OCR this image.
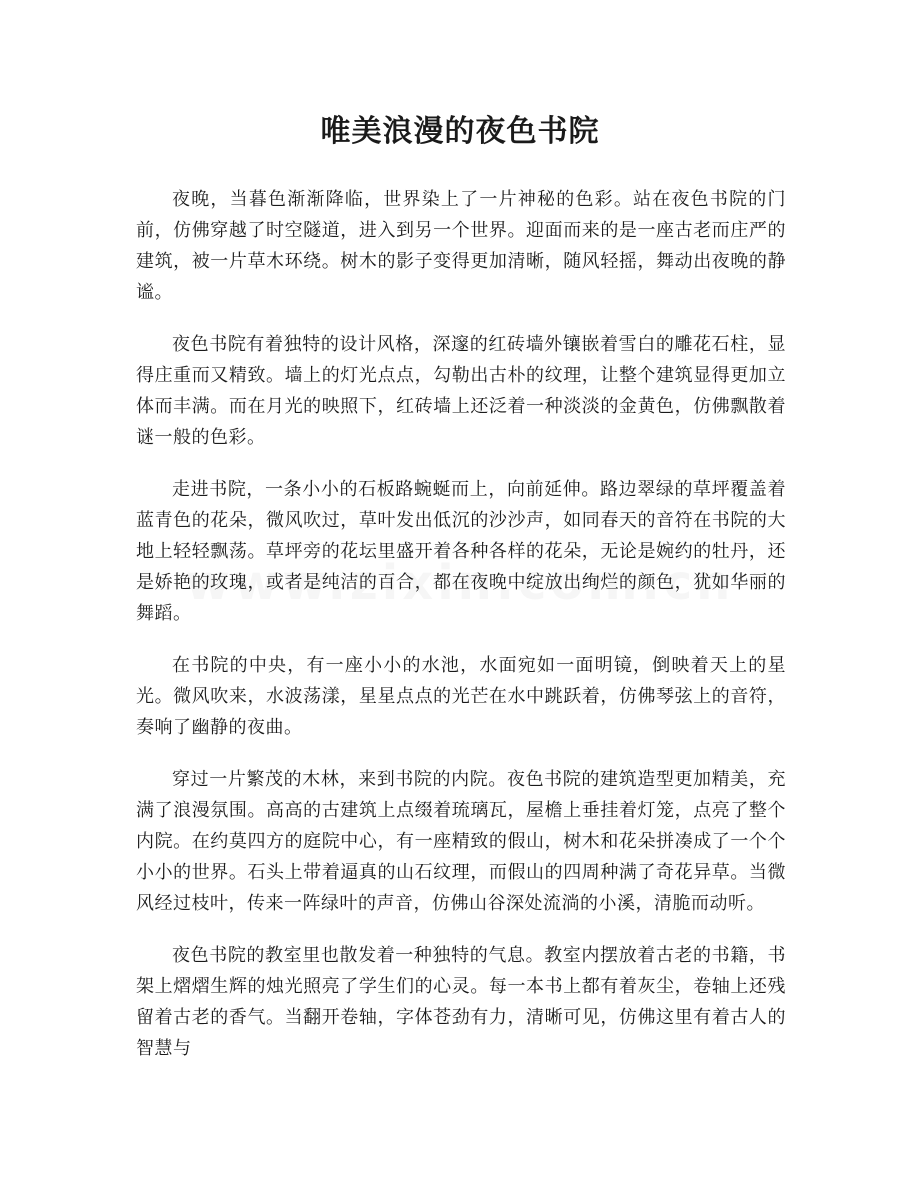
唯美浪漫的夜色书院

夜晚，当暮色渐渐降临，世界染上了一片神秘的色彩。站在夜色书院的门前，仿佛穿越了时空隧道，进入到另一个世界。迎面而来的是一座古老而庄严的建筑，被一片草木环绕。树木的影子变得更加清晰，随风轻摇，舞动出夜晚的静谧。

夜色书院有着独特的设计风格，深邃的红砖墙外镶嵌着雪白的雕花石柱，显得庄重而又精致。墙上的灯光点点，勾勒出古朴的纹理，让整个建筑显得更加立体而丰满。而在月光的映照下，红砖墙上还泛着一种淡淡的金黄色，仿佛飘散着谜一般的色彩。

走进书院，一条小小的石板路蜿蜒而上，向前延伸。路边翠绿的草坪覆盖着蓝青色的花朵，微风吹过，草叶发出低沉的沙沙声，如同春天的音符在书院的大地上轻轻飘荡。草坪旁的花坛里盛开着各种各样的花朵，无论是婉约的牡丹，还是娇艳的玫瑰，或者是纯洁的百合，都在夜晚中绽放出绚烂的颜色，犹如华丽的舞蹈。

在书院的中央，有一座小小的水池，水面宛如一面明镜，倒映着天上的星光。微风吹来，水波荡漾，星星点点的光芒在水中跳跃着，仿佛琴弦上的音符，奏响了幽静的夜曲。

穿过一片繁茂的木林，来到书院的内院。夜色书院的建筑造型更加精美，充满了浪漫氛围。高高的古建筑上点缀着琉璃瓦，屋檐上垂挂着灯笼，点亮了整个内院。在约莫四方的庭院中心，有一座精致的假山，树木和花朵拼凑成了一个个小小的世界。石头上带着逼真的山石纹理，而假山的四周种满了奇花异草。当微风经过枝叶，传来一阵绿叶的声音，仿佛山谷深处流淌的小溪，清脆而动听。

夜色书院的教室里也散发着一种独特的气息。教室内摆放着古老的书籍，书架上熠熠生辉的烛光照亮了学生们的心灵。每一本书上都有着灰尘，卷轴上还残留着古老的香气。当翻开卷轴，字体苍劲有力，清晰可见，仿佛这里有着古人的智慧与
